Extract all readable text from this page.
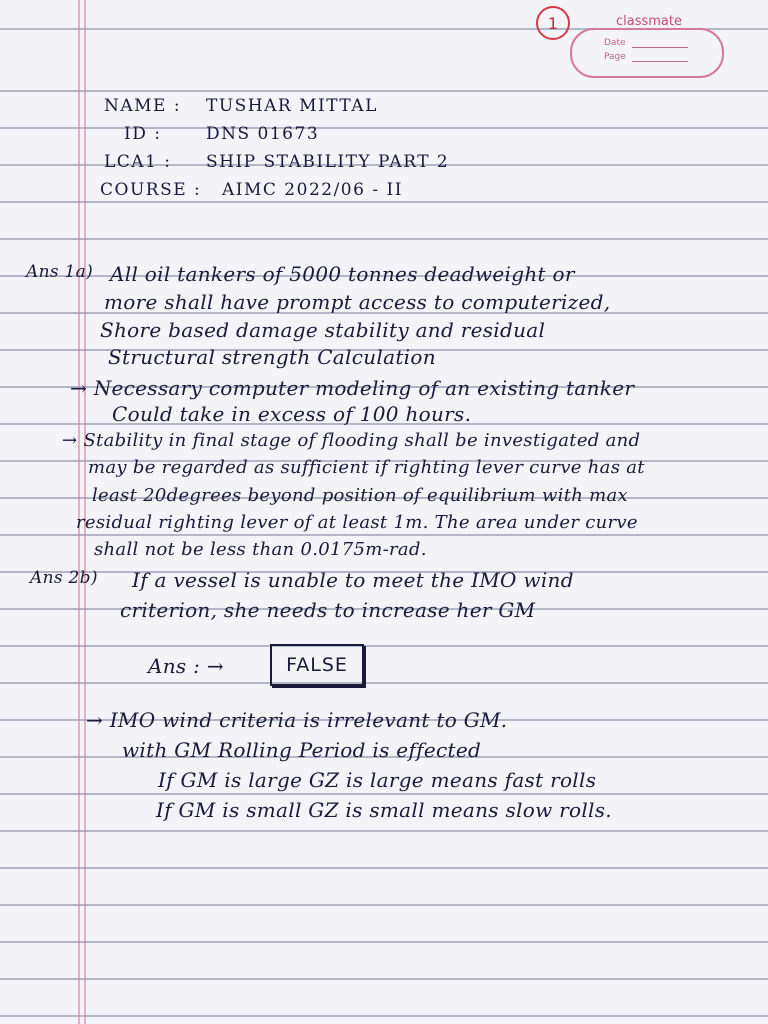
1	classmate
Date
Page
NAME : TUSHAR MITTAL
ID :	DNS 01673
LCA1 : SHIP STABILITY PART 2
COURSE : AIMC 2022/06 - II
Ans 1a) All oil tankers of 5000 tonnes deadweight or
more shall have prompt access to computerized,
Shore based damage stability and residual
Structural strength Calculation
→ Necessary computer modeling of an existing tanker
Could take in excess of 100 hours.
→ Stability in final stage of flooding shall be investigated and
may be regarded as sufficient if righting lever curve has at
least 20degrees beyond position of equilibrium with max
residual righting lever of at least 1m. The area under curve
shall not be less than 0.0175m-rad.
Ans 2b) If a vessel is unable to meet the IMO wind
criterion, she needs to increase her GM
Ans : →	FALSE
→ IMO wind criteria is irrelevant to GM.
with GM Rolling Period is effected
If GM is large GZ is large means fast rolls
If GM is small GZ is small means slow rolls.
